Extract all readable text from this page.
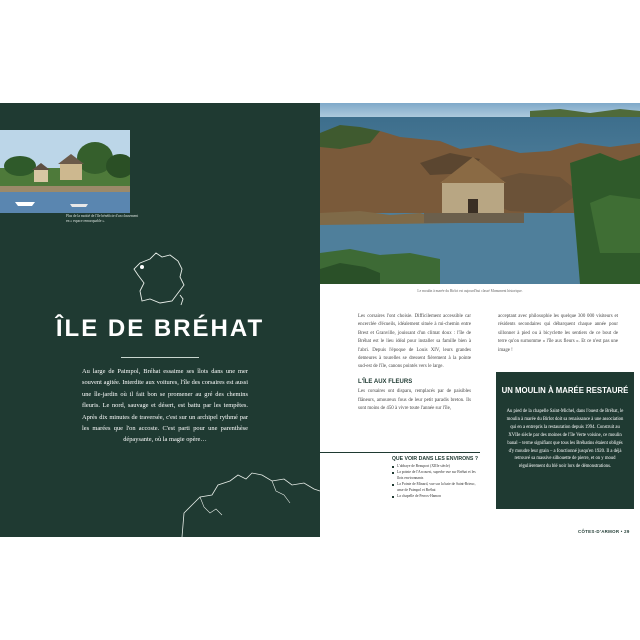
Plus de la moitié de l'île bénéficie d'un classement en « espace remarquable ».
ÎLE DE BRÉHAT
Au large de Paimpol, Bréhat essaime ses îlots dans une mer souvent agitée. Interdite aux voitures, l'île des corsaires est aussi une île-jardin où il fait bon se promener au gré des chemins fleuris. Le nord, sauvage et désert, est battu par les tempêtes. Après dix minutes de traversée, c'est sur un archipel rythmé par les marées que l'on accoste. C'est parti pour une parenthèse dépaysante, où la magie opère…
Le moulin à marée du Birlot est aujourd'hui classé Monument historique.

Les corsaires l'ont choisie. Difficilement accessible car encerclée d'écueils, idéalement située à mi-chemin entre Brest et Granville, jouissant d'un climat doux : l'île de Bréhat est le lieu idéal pour installer sa famille bien à l'abri. Depuis l'époque de Louis XIV, leurs grandes demeures à tourelles se dressent fièrement à la pointe sud-est de l'île, canons pointés vers le large.

L'ÎLE AUX FLEURS

Les corsaires ont disparu, remplacés par de paisibles flâneurs, amoureux fous de leur petit paradis breton. Ils sont moins de 450 à vivre toute l'année sur l'île,

acceptant avec philosophie les quelque 300 000 visiteurs et résidents secondaires qui débarquent chaque année pour sillonner à pied ou à bicyclette les sentiers de ce bout de terre qu'on surnomme « l'île aux fleurs ». Et ce n'est pas une image !
QUE VOIR DANS LES ENVIRONS ?
L'abbaye de Beauport (XIIIe siècle)
La pointe de l'Arcouest, superbe vue sur Bréhat et les îlots environnants
La Pointe de Minard, vue sur la baie de Saint-Brieuc, anse de Paimpol et Bréhat
La chapelle de Perros-Hamon
UN MOULIN À MARÉE RESTAURÉ
Au pied de la chapelle Saint-Michel, dans l'ouest de Bréhat, le moulin à marée du Birlot doit sa renaissance à une association qui en a entrepris la restauration depuis 1994. Construit au XVIIe siècle par des moines de l'île Verte voisine, ce moulin banal – terme signifiant que tous les Bréhatins étaient obligés d'y moudre leur grain – a fonctionné jusqu'en 1920. Il a déjà retrouvé sa massive silhouette de pierre, et on y moud régulièrement du blé noir lors de démonstrations.
CÔTES-D'ARMOR • 29
